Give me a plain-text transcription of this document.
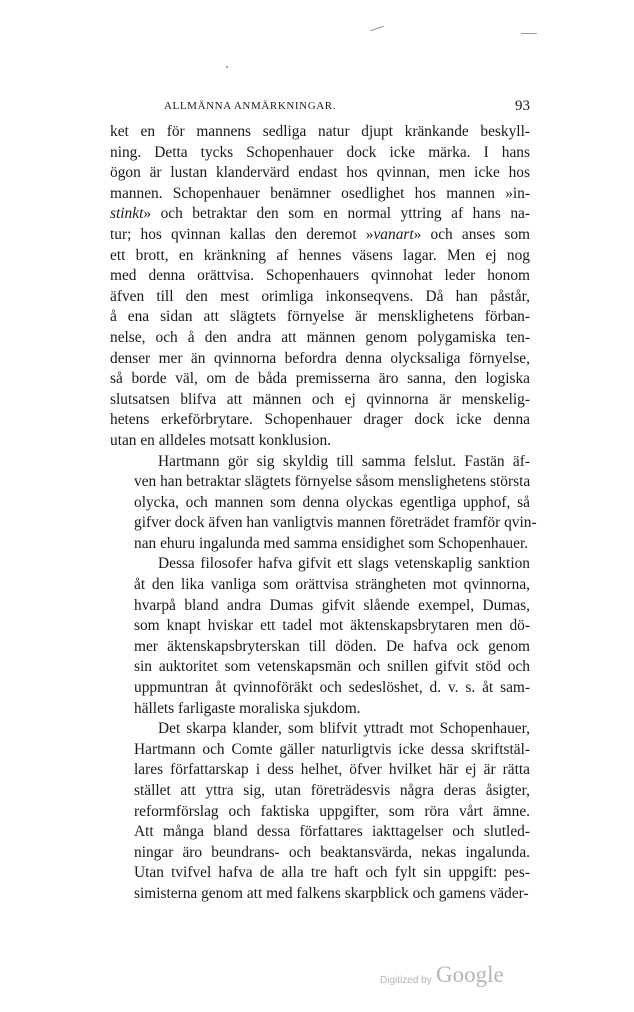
ALLMÄNNA ANMÄRKNINGAR.	93
ket en för mannens sedliga natur djupt kränkande beskyll-
ning. Detta tycks Schopenhauer dock icke märka. I hans
ögon är lustan klandervärd endast hos qvinnan, men icke hos
mannen. Schopenhauer benämner osedlighet hos mannen »in-
stinkt» och betraktar den som en normal yttring af hans na-
tur; hos qvinnan kallas den deremot »vanart» och anses som
ett brott, en kränkning af hennes väsens lagar. Men ej nog
med denna orättvisa. Schopenhauers qvinnohat leder honom
äfven till den mest orimliga inkonseqvens. Då han påstår,
å ena sidan att slägtets förnyelse är mensklighetens förban-
nelse, och å den andra att männen genom polygamiska ten-
denser mer än qvinnorna befordra denna olycksaliga förnyelse,
så borde väl, om de båda premisserna äro sanna, den logiska
slutsatsen blifva att männen och ej qvinnorna är menskelig-
hetens erkeförbrytare. Schopenhauer drager dock icke denna
utan en alldeles motsatt konklusion.
Hartmann gör sig skyldig till samma felslut. Fastän äf-
ven han betraktar slägtets förnyelse såsom menslighetens största
olycka, och mannen som denna olyckas egentliga upphof, så
gifver dock äfven han vanligtvis mannen företrädet framför qvin-
nan ehuru ingalunda med samma ensidighet som Schopenhauer.
Dessa filosofer hafva gifvit ett slags vetenskaplig sanktion
åt den lika vanliga som orättvisa strängheten mot qvinnorna,
hvarpå bland andra Dumas gifvit slående exempel, Dumas,
som knapt hviskar ett tadel mot äktenskapsbrytaren men dö-
mer äktenskapsbryterskan till döden. De hafva ock genom
sin auktoritet som vetenskapsmän och snillen gifvit stöd och
uppmuntran åt qvinnoföräkt och sedeslöshet, d. v. s. åt sam-
hällets farligaste moraliska sjukdom.
Det skarpa klander, som blifvit yttradt mot Schopenhauer,
Hartmann och Comte gäller naturligtvis icke dessa skriftstäl-
lares författarskap i dess helhet, öfver hvilket här ej är rätta
stället att yttra sig, utan företrädesvis några deras åsigter,
reformförslag och faktiska uppgifter, som röra vårt ämne.
Att många bland dessa författares iakttagelser och slutled-
ningar äro beundrans- och beaktansvärda, nekas ingalunda.
Utan tvifvel hafva de alla tre haft och fylt sin uppgift: pes-
simisterna genom att med falkens skarpblick och gamens väder-
Digitized by Google
